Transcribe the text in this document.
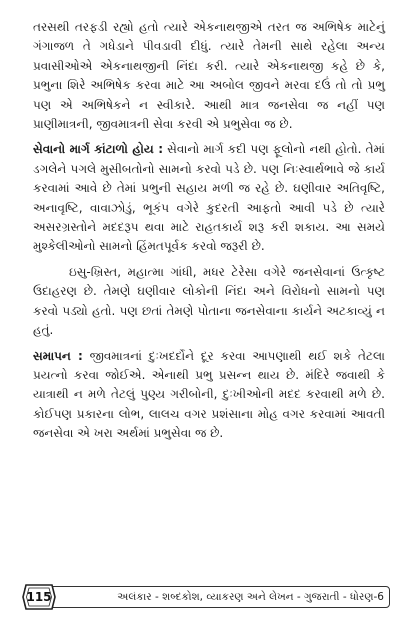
તરસથી તરફડી રહ્યો હતો ત્યારે એકનાથજીએ તરત જ અભિષેક માટેનું ગંગાજળ તે ગધેડાને પીવડાવી દીધું. ત્યારે તેમની સાથે રહેલા અન્ય પ્રવાસીઓએ એકનાથજીની નિંદા કરી. ત્યારે એકનાથજી કહે છે કે, પ્રભુના શિરે અભિષેક કરવા માટે આ અબોલ જીવને મરવા દઉં તો તો પ્રભુ પણ એ અભિષેકને ન સ્વીકારે. આથી માત્ર જનસેવા જ નહીં પણ પ્રાણીમાત્રની, જીવમાત્રની સેવા કરવી એ પ્રભુસેવા જ છે.

સેવાનો માર્ગ કાંટાળો હોય : સેવાનો માર્ગ કદી પણ ફૂલોનો નથી હોતો. તેમાં ડગલેને પગલે મુસીબતોનો સામનો કરવો પડે છે. પણ નિઃસ્વાર્થભાવે જે કાર્ય કરવામાં આવે છે તેમાં પ્રભુની સહાય મળી જ રહે છે. ઘણીવાર અતિવૃષ્ટિ, અનાવૃષ્ટિ, વાવાઝોડું, ભૂકંપ વગેરે કુદરતી આફતો આવી પડે છે ત્યારે અસરગ્રસ્તોને મદદરૂપ થવા માટે રાહતકાર્ય શરૂ કરી શકાય. આ સમયે મુશ્કેલીઓનો સામનો હિંમતપૂર્વક કરવો જરૂરી છે.

ઇસુ-ખ્રિસ્ત, મહાત્મા ગાંધી, મધર ટેરેસા વગેરે જનસેવાનાં ઉત્કૃષ્ટ ઉદાહરણ છે. તેમણે ઘણીવાર લોકોની નિંદા અને વિરોધનો સામનો પણ કરવો પડ્યો હતો. પણ છતાં તેમણે પોતાના જનસેવાના કાર્યને અટકાવ્યું ન હતું.

સમાપન : જીવમાત્રનાં દુઃખદર્દોને દૂર કરવા આપણાથી થઈ શકે તેટલા પ્રયત્નો કરવા જોઈએ. એનાથી પ્રભુ પ્રસન્ન થાય છે. મંદિરે જવાથી કે યાત્રાથી ન મળે તેટલું પુણ્ય ગરીબોની, દુઃખીઓની મદદ કરવાથી મળે છે. કોઈપણ પ્રકારના લોભ, લાલચ વગર પ્રશંસાના મોહ વગર કરવામાં આવતી જનસેવા એ ખરા અર્થમાં પ્રભુસેવા જ છે.

115	અલંકાર - શબ્દકોશ, વ્યાકરણ અને લેખન - ગુજરાતી - ધોરણ-6
